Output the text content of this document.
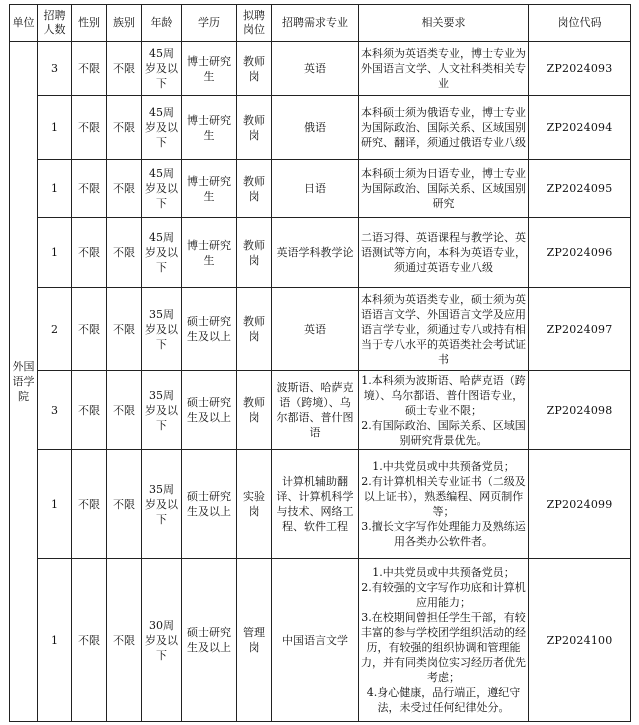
单位	招聘人数	性别	族别	年龄	学历	拟聘岗位	招聘需求专业	相关要求	岗位代码
外国语学院	3	不限	不限	45周岁及以下	博士研究生	教师岗	英语	本科须为英语类专业，博士专业为外国语言文学、人文社科类相关专业	ZP2024093
	1	不限	不限	45周岁及以下	博士研究生	教师岗	俄语	本科硕士须为俄语专业，博士专业为国际政治、国际关系、区域国别研究、翻译，须通过俄语专业八级	ZP2024094
	1	不限	不限	45周岁及以下	博士研究生	教师岗	日语	本科硕士须为日语专业，博士专业为国际政治、国际关系、区域国别研究	ZP2024095
	1	不限	不限	45周岁及以下	博士研究生	教师岗	英语学科教学论	二语习得、英语课程与教学论、英语测试等方向，本科为英语专业，须通过英语专业八级	ZP2024096
	2	不限	不限	35周岁及以下	硕士研究生及以上	教师岗	英语	本科须为英语类专业，硕士须为英语语言文学、外国语言文学及应用语言学专业，须通过专八或持有相当于专八水平的英语类社会考试证书	ZP2024097
	3	不限	不限	35周岁及以下	硕士研究生及以上	教师岗	波斯语、哈萨克语（跨境）、乌尔都语、普什图语	1.本科须为波斯语、哈萨克语（跨境）、乌尔都语、普什图语专业，硕士专业不限；
2.有国际政治、国际关系、区域国别研究背景优先。	ZP2024098
	1	不限	不限	35周岁及以下	硕士研究生及以上	实验岗	计算机辅助翻译、计算机科学与技术、网络工程、软件工程	1.中共党员或中共预备党员；
2.有计算机相关专业证书（二级及以上证书），熟悉编程、网页制作等；
3.擅长文字写作处理能力及熟练运用各类办公软件者。	ZP2024099
	1	不限	不限	30周岁及以下	硕士研究生及以上	管理岗	中国语言文学	1.中共党员或中共预备党员；
2.有较强的文字写作功底和计算机应用能力；
3.在校期间曾担任学生干部，有较丰富的参与学校团学组织活动的经历，有较强的组织协调和管理能力，并有同类岗位实习经历者优先考虑；
4.身心健康，品行端正，遵纪守法，未受过任何纪律处分。	ZP2024100
